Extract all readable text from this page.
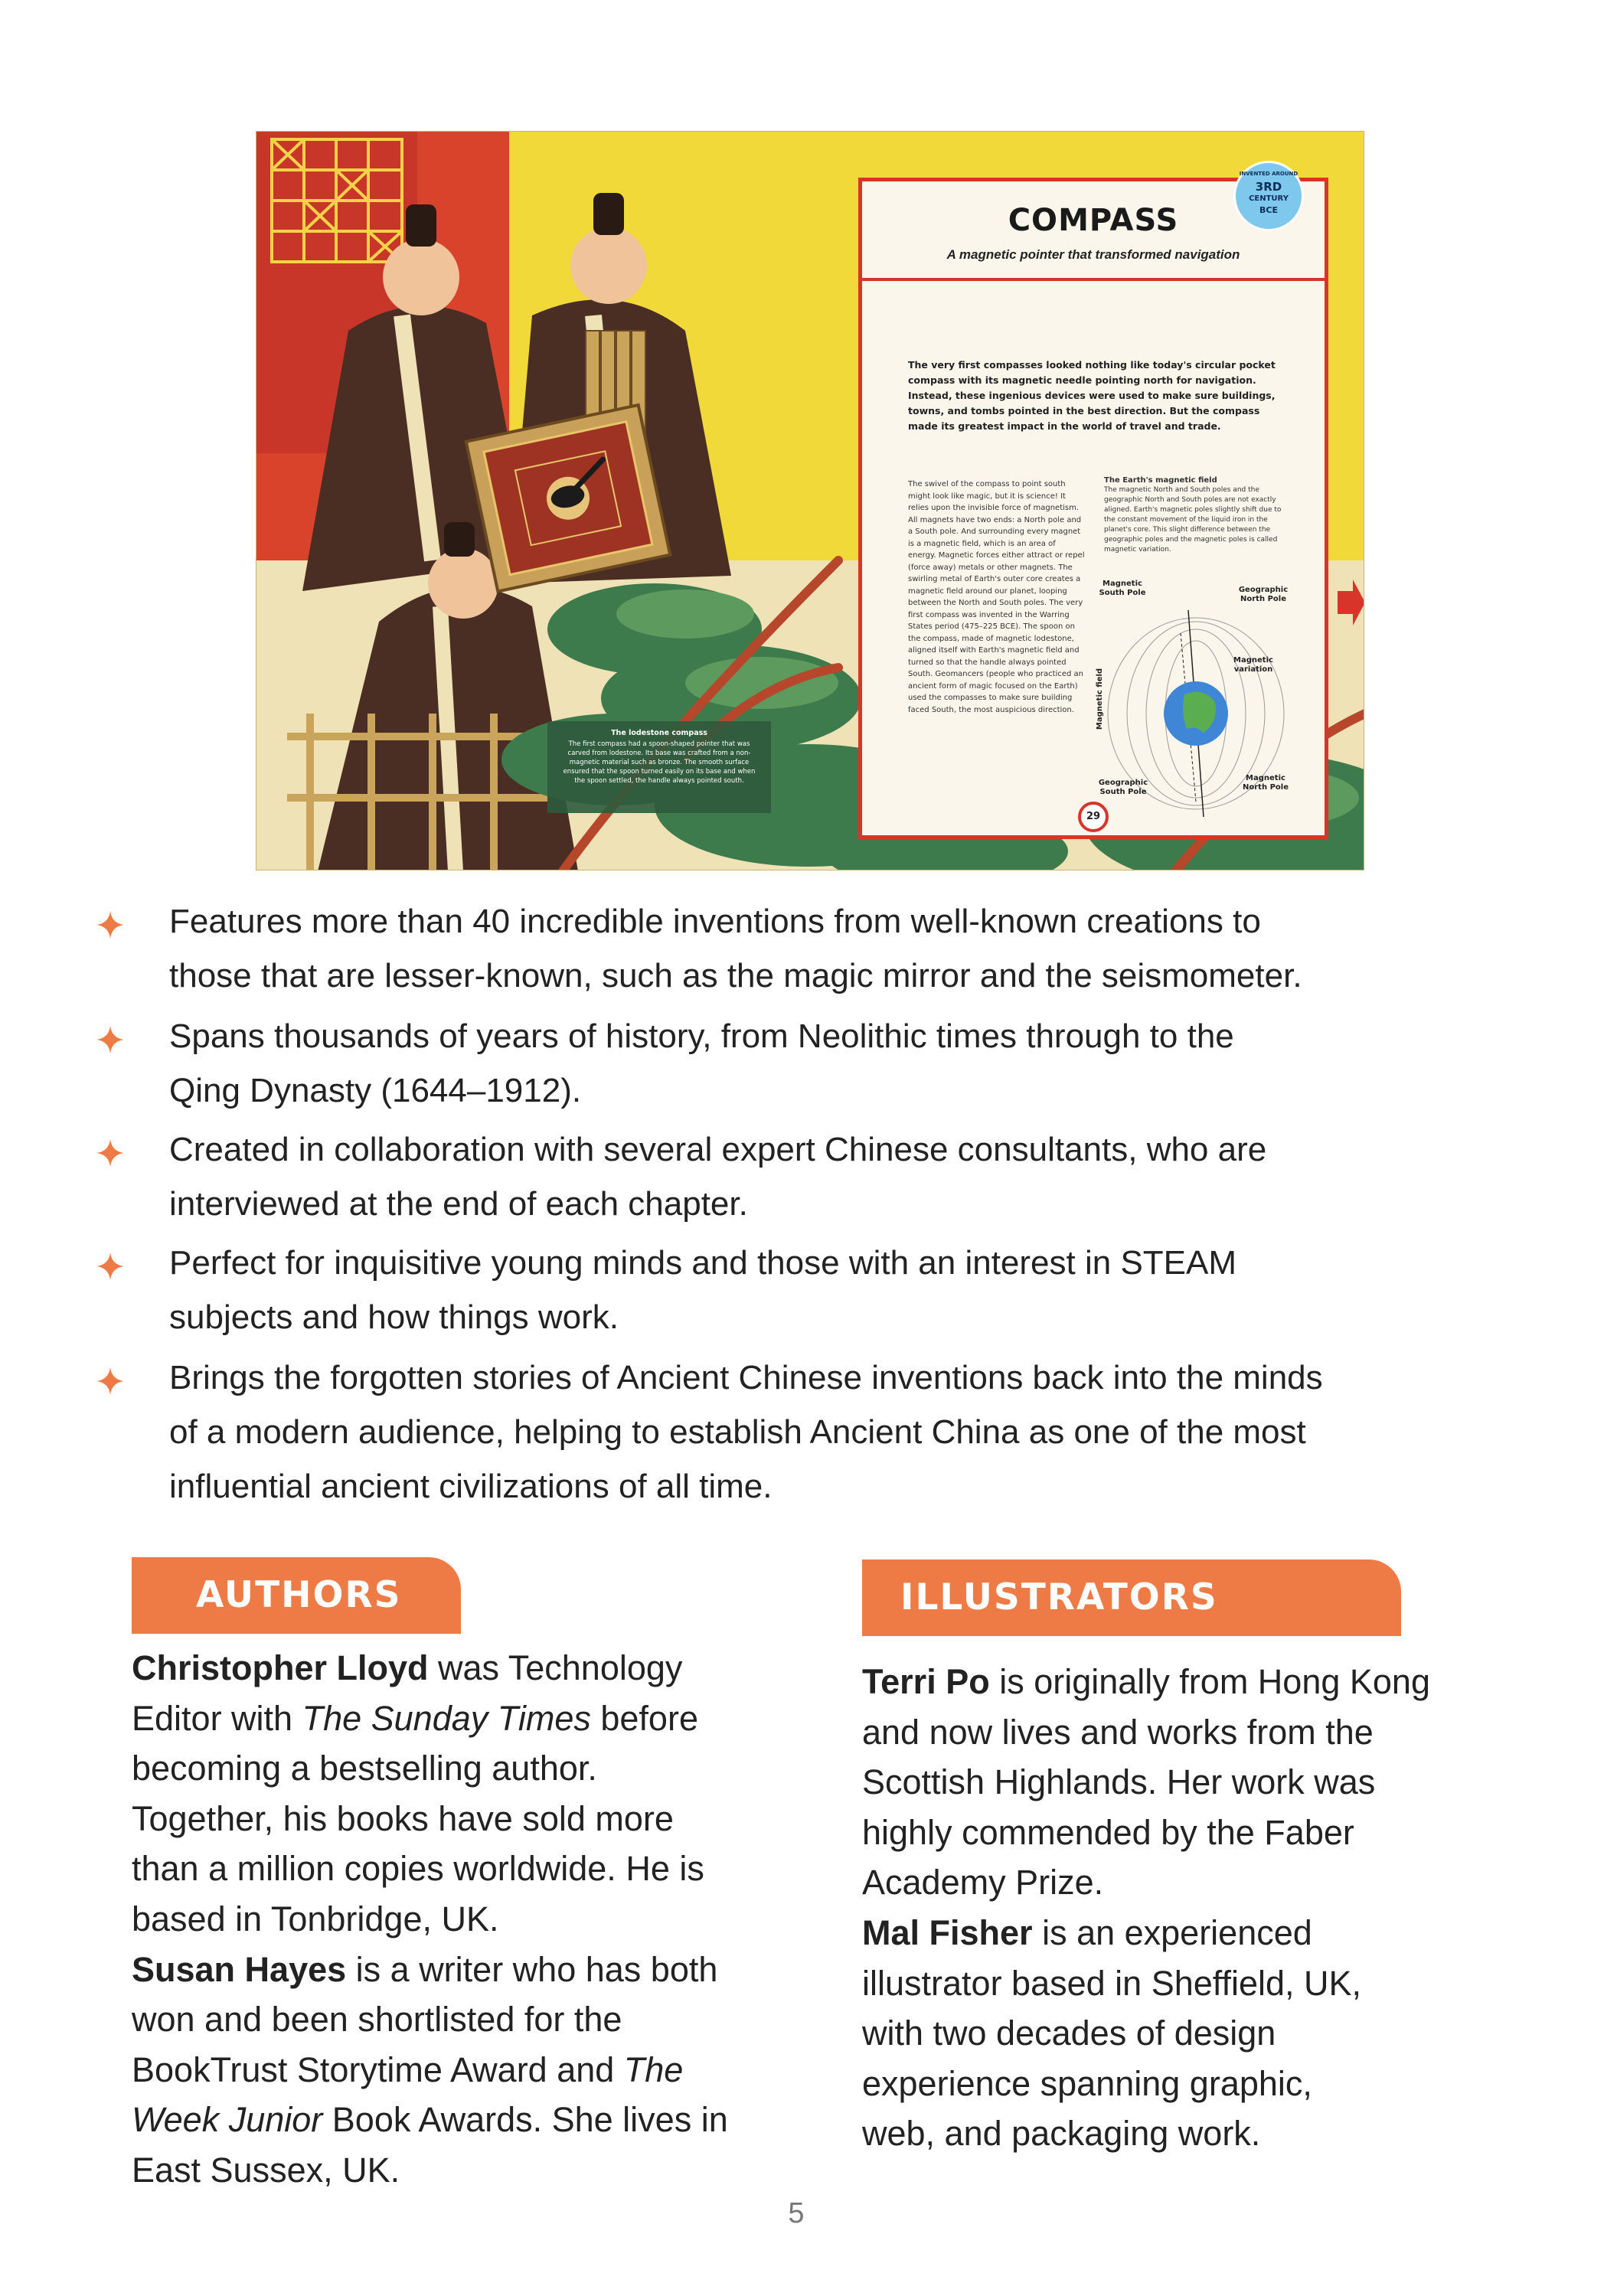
COMPASS
A magnetic pointer that transformed navigation
The very first compasses looked nothing like today's circular pocket compass with its magnetic needle pointing north for navigation. Instead, these ingenious devices were used to make sure buildings, towns, and tombs pointed in the best direction. But the compass made its greatest impact in the world of travel and trade.
The swivel of the compass to point south might look like magic, but it is science! It relies upon the invisible force of magnetism. All magnets have two ends: a North pole and a South pole. And surrounding every magnet is a magnetic field, which is an area of energy. Magnetic forces either attract or repel (force away) metals or other magnets. The swirling metal of Earth's outer core creates a magnetic field around our planet, looping between the North and South poles. The very first compass was invented in the Warring States period (475–225 BCE). The spoon on the compass, made of magnetic lodestone, aligned itself with Earth's magnetic field and turned so that the handle always pointed South. Geomancers (people who practiced an ancient form of magic focused on the Earth) used the compasses to make sure building faced South, the most auspicious direction.
The Earth's magnetic field
The magnetic North and South poles and the geographic North and South poles are not exactly aligned. Earth's magnetic poles slightly shift due to the constant movement of the liquid iron in the planet's core. This slight difference between the geographic poles and the magnetic poles is called magnetic variation.
Magnetic South Pole	Geographic North Pole
Magnetic field
Magnetic variation
Geographic South Pole
Magnetic North Pole
29
INVENTED AROUND
3RD
CENTURY
BCE
The lodestone compass
The first compass had a spoon-shaped pointer that was carved from lodestone. Its base was crafted from a non-magnetic material such as bronze. The smooth surface ensured that the spoon turned easily on its base and when the spoon settled, the handle always pointed south.
Features more than 40 incredible inventions from well-known creations to
those that are lesser-known, such as the magic mirror and the seismometer.
Spans thousands of years of history, from Neolithic times through to the
Qing Dynasty (1644–1912).
Created in collaboration with several expert Chinese consultants, who are
interviewed at the end of each chapter.
Perfect for inquisitive young minds and those with an interest in STEAM
subjects and how things work.
Brings the forgotten stories of Ancient Chinese inventions back into the minds
of a modern audience, helping to establish Ancient China as one of the most
influential ancient civilizations of all time.
AUTHORS
Christopher Lloyd was Technology
Editor with The Sunday Times before
becoming a bestselling author.
Together, his books have sold more
than a million copies worldwide. He is
based in Tonbridge, UK.
Susan Hayes is a writer who has both
won and been shortlisted for the
BookTrust Storytime Award and The
Week Junior Book Awards. She lives in
East Sussex, UK.
ILLUSTRATORS
Terri Po is originally from Hong Kong
and now lives and works from the
Scottish Highlands. Her work was
highly commended by the Faber
Academy Prize.
Mal Fisher is an experienced
illustrator based in Sheffield, UK,
with two decades of design
experience spanning graphic,
web, and packaging work.
5
